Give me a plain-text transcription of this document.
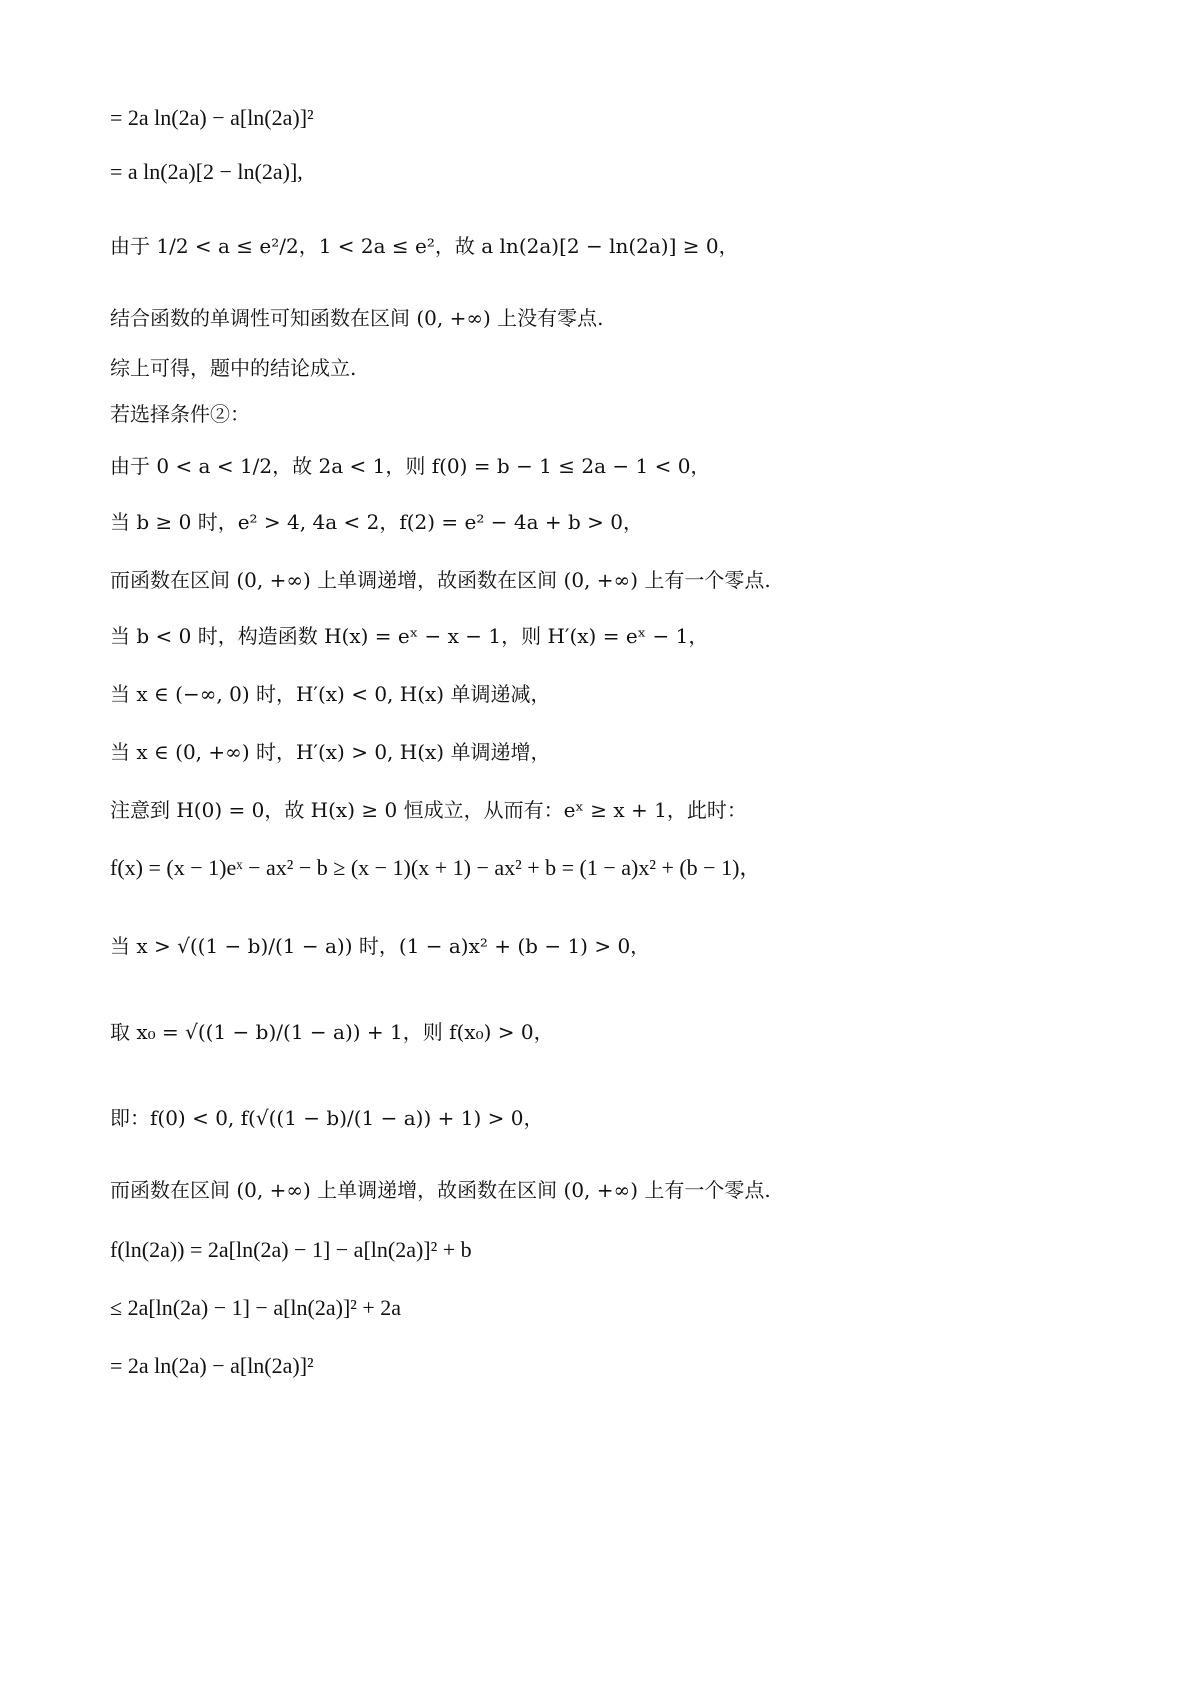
= 2a ln(2a) − a[ln(2a)]²
= a ln(2a)[2 − ln(2a)],
由于 1/2 < a ≤ e²/2，1 < 2a ≤ e²，故 a ln(2a)[2 − ln(2a)] ≥ 0，
结合函数的单调性可知函数在区间 (0, +∞) 上没有零点.
综上可得，题中的结论成立.
若选择条件②：
由于 0 < a < 1/2，故 2a < 1，则 f(0) = b − 1 ≤ 2a − 1 < 0，
当 b ≥ 0 时，e² > 4, 4a < 2，f(2) = e² − 4a + b > 0，
而函数在区间 (0, +∞) 上单调递增，故函数在区间 (0, +∞) 上有一个零点.
当 b < 0 时，构造函数 H(x) = eˣ − x − 1，则 H′(x) = eˣ − 1，
当 x ∈ (−∞, 0) 时，H′(x) < 0, H(x) 单调递减，
当 x ∈ (0, +∞) 时，H′(x) > 0, H(x) 单调递增，
注意到 H(0) = 0，故 H(x) ≥ 0 恒成立，从而有：eˣ ≥ x + 1，此时：
f(x) = (x − 1)eˣ − ax² − b ≥ (x − 1)(x + 1) − ax² + b = (1 − a)x² + (b − 1)，
当 x > √((1 − b)/(1 − a)) 时，(1 − a)x² + (b − 1) > 0，
取 x₀ = √((1 − b)/(1 − a)) + 1，则 f(x₀) > 0，
即：f(0) < 0, f(√((1 − b)/(1 − a)) + 1) > 0，
而函数在区间 (0, +∞) 上单调递增，故函数在区间 (0, +∞) 上有一个零点.
f(ln(2a)) = 2a[ln(2a) − 1] − a[ln(2a)]² + b
≤ 2a[ln(2a) − 1] − a[ln(2a)]² + 2a
= 2a ln(2a) − a[ln(2a)]²
